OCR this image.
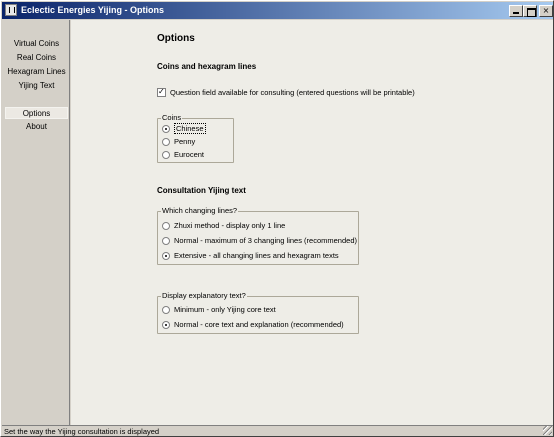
Eclectic Energies Yijing - Options	×
Virtual Coins
Real Coins
Hexagram Lines
Yijing Text
Options
About
Options
Coins and hexagram lines
✓
Question field available for consulting (entered questions will be printable)
Coins
Chinese
Penny
Eurocent
Consultation Yijing text
Which changing lines?
Zhuxi method - display only 1 line
Normal - maximum of 3 changing lines (recommended)
Extensive - all changing lines and hexagram texts
Display explanatory text?
Minimum - only Yijing core text
Normal - core text and explanation (recommended)
Set the way the Yijing consultation is displayed
